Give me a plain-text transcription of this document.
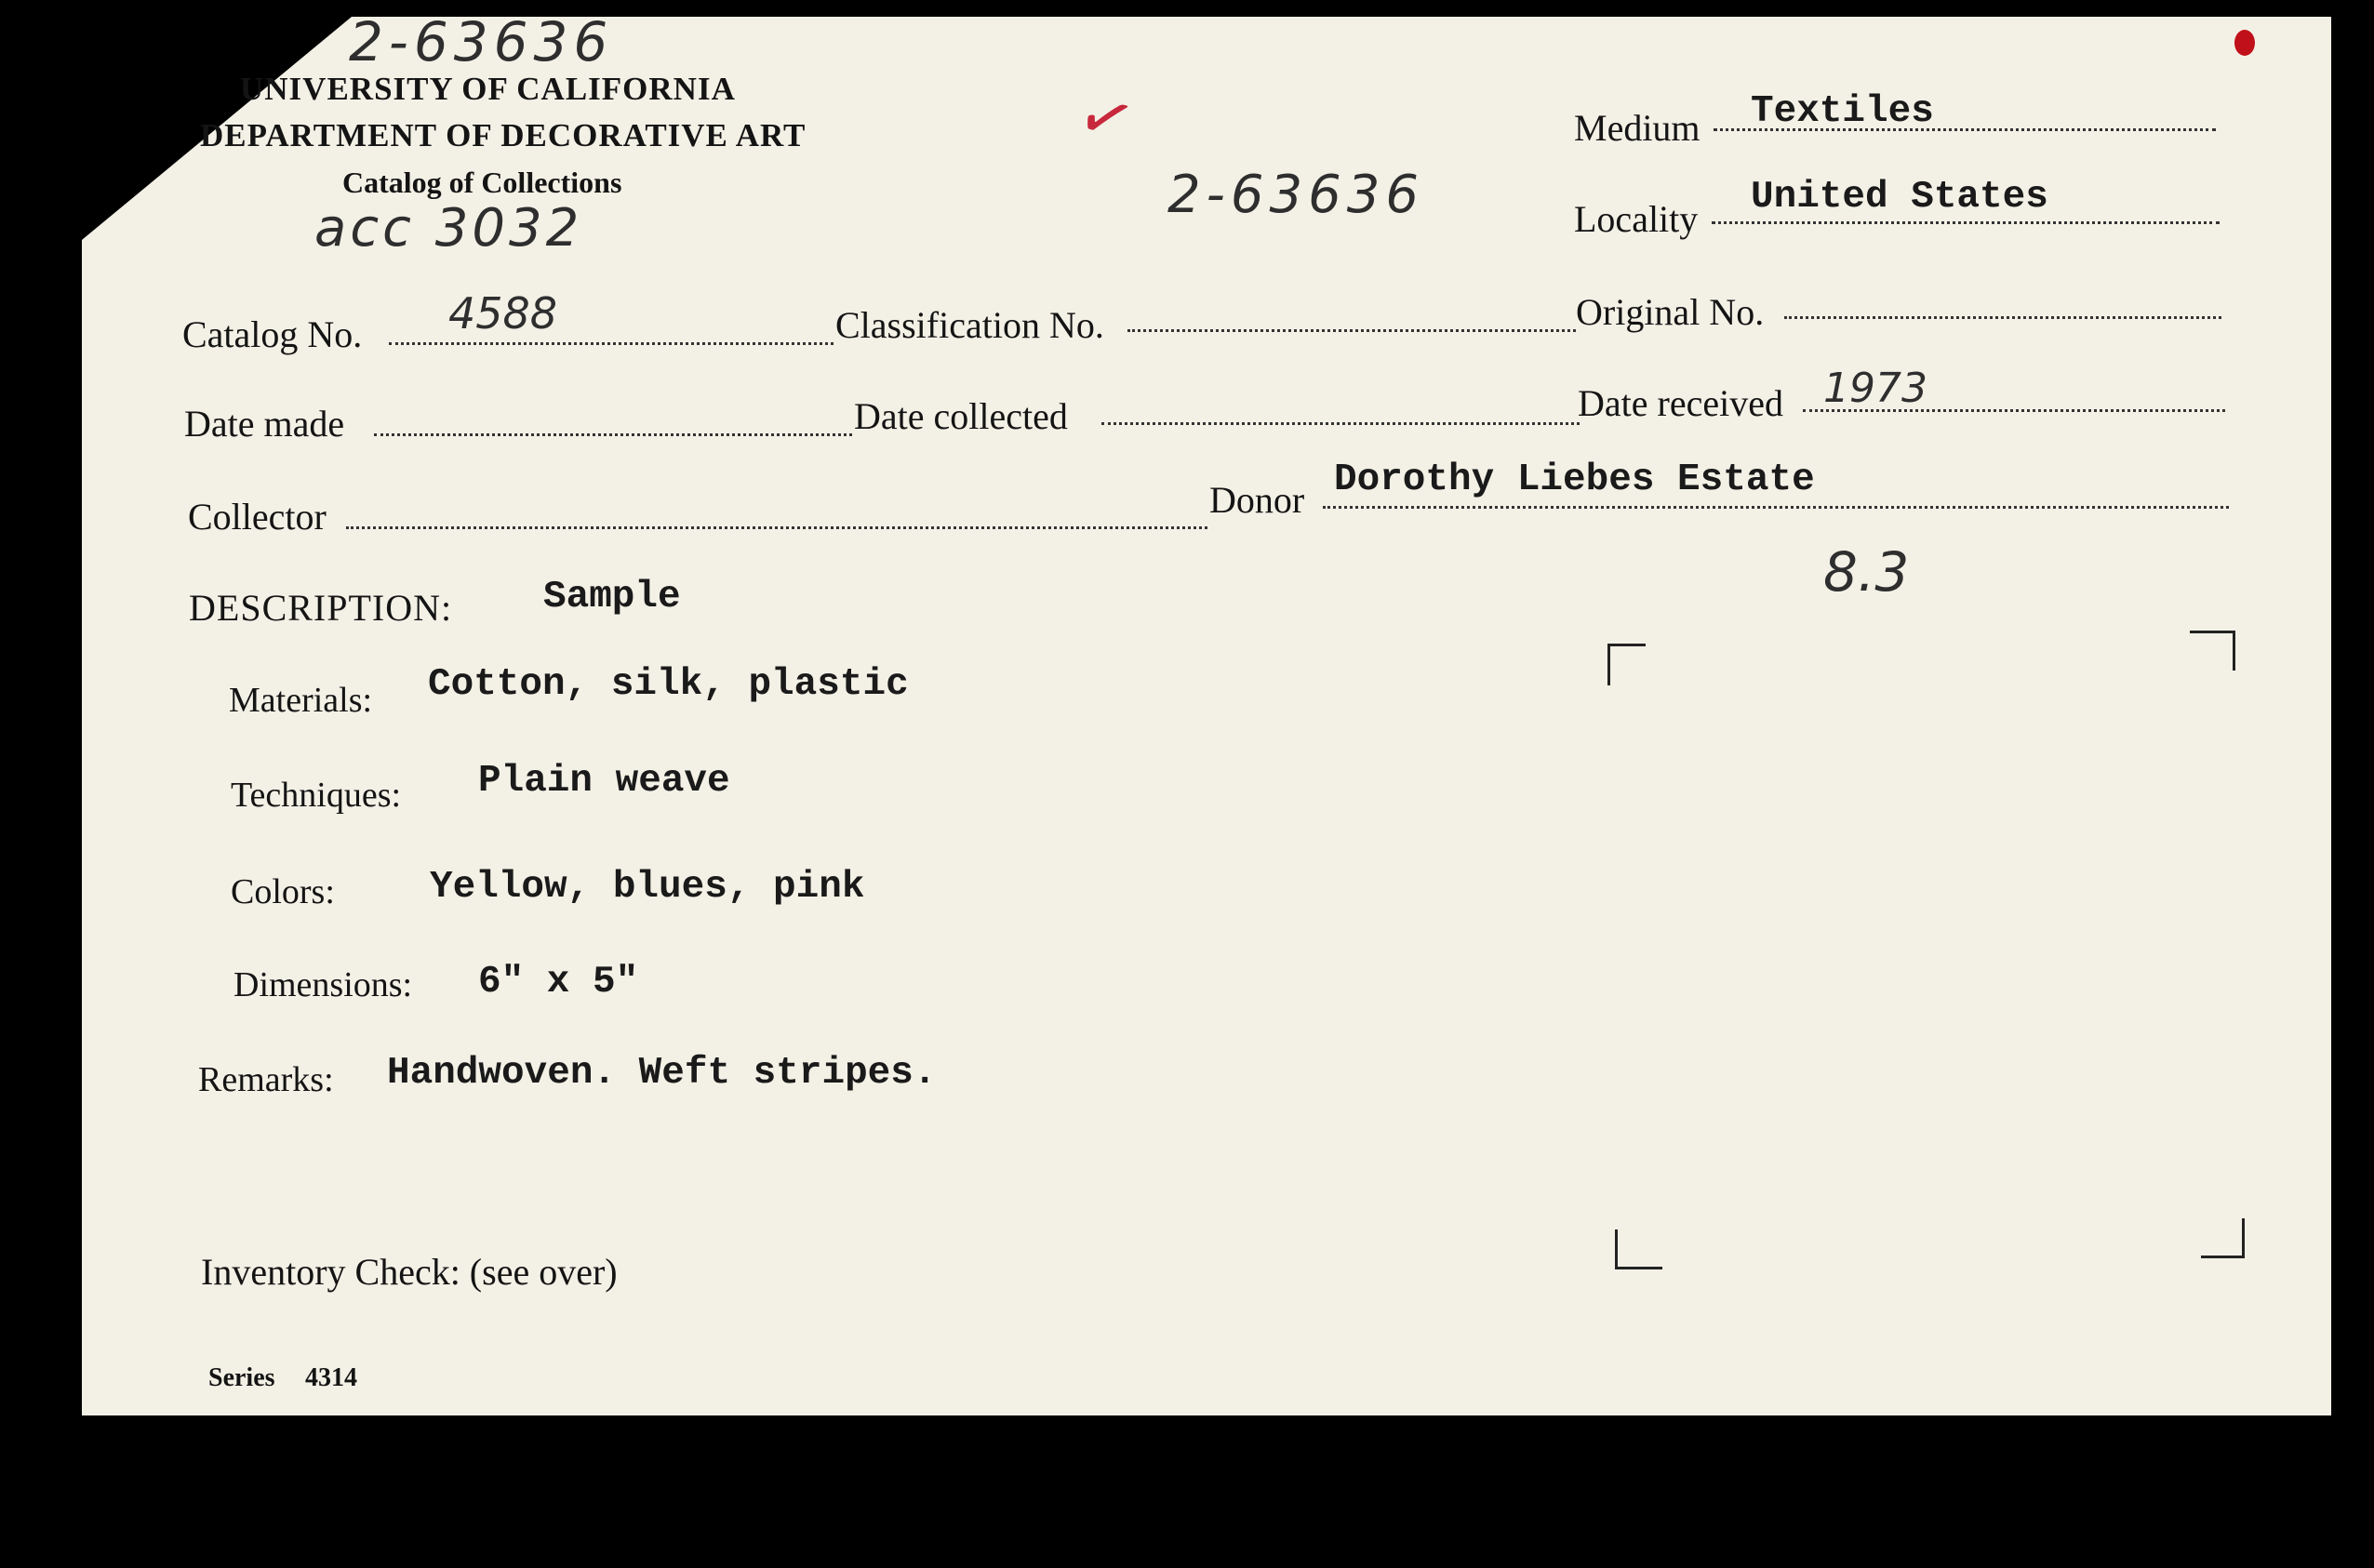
2-63636
UNIVERSITY OF CALIFORNIA
DEPARTMENT OF DECORATIVE ART
Catalog of Collections
acc 3032
✓
2-63636
Medium Textiles
Locality
United States
Catalog No. 4588	Classification No.	Original No.
Date made	Date collected	Date received 1973
Collector	Donor Dorothy Liebes Estate
8.3
DESCRIPTION: Sample
Materials: Cotton, silk, plastic
Techniques: Plain weave
Colors: Yellow, blues, pink
Dimensions: 6" x 5"
Remarks: Handwoven. Weft stripes.
Inventory Check: (see over)
Series 4314
